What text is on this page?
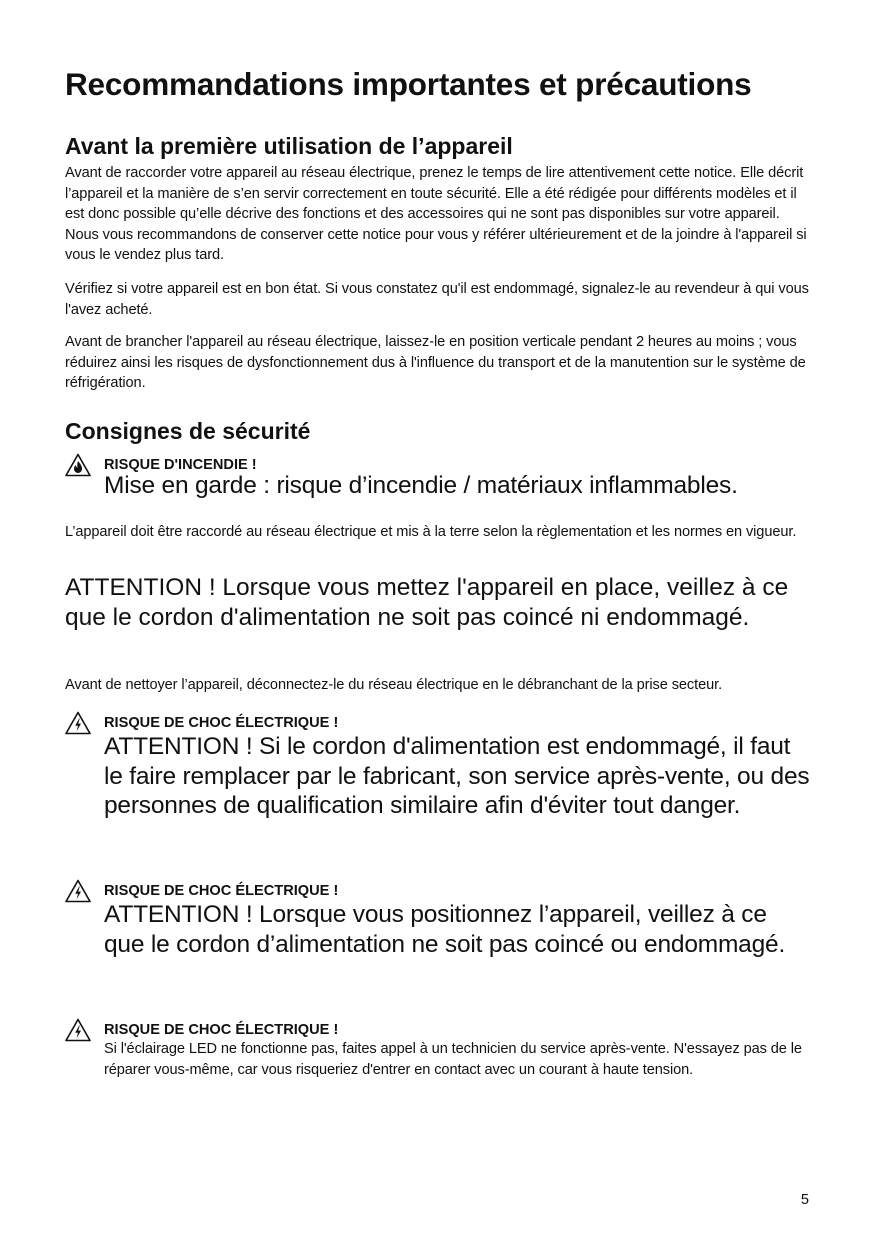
Recommandations importantes et précautions
Avant la première utilisation de l’appareil

Avant de raccorder votre appareil au réseau électrique, prenez le temps de lire attentivement cette notice. Elle décrit l’appareil et la manière de s’en servir correctement en toute sécurité. Elle a été rédigée pour différents modèles et il est donc possible qu’elle décrive des fonctions et des accessoires qui ne sont pas disponibles sur votre appareil. Nous vous recommandons de conserver cette notice pour vous y référer ultérieurement et de la joindre à l'appareil si vous le vendez plus tard.

Vérifiez si votre appareil est en bon état. Si vous constatez qu'il est endommagé, signalez-le au revendeur à qui vous l'avez acheté.

Avant de brancher l'appareil au réseau électrique, laissez-le en position verticale pendant 2 heures au moins ; vous réduirez ainsi les risques de dysfonctionnement dus à l'influence du transport et de la manutention sur le système de réfrigération.

Consignes de sécurité
RISQUE D'INCENDIE !
Mise en garde : risque d’incendie / matériaux inflammables.

L’appareil doit être raccordé au réseau électrique et mis à la terre selon la règlementation et les normes en vigueur.

ATTENTION ! Lorsque vous mettez l'appareil en place, veillez à ce que le cordon d'alimentation ne soit pas coincé ni endommagé.

Avant de nettoyer l’appareil, déconnectez-le du réseau électrique en le débranchant de la prise secteur.

RISQUE DE CHOC ÉLECTRIQUE !
ATTENTION ! Si le cordon d'alimentation est endommagé, il faut le faire remplacer par le fabricant, son service après-vente, ou des personnes de qualification similaire afin d'éviter tout danger.
RISQUE DE CHOC ÉLECTRIQUE !
ATTENTION ! Lorsque vous positionnez l’appareil, veillez à ce que le cordon d’alimentation ne soit pas coincé ou endommagé.
RISQUE DE CHOC ÉLECTRIQUE !

Si l'éclairage LED ne fonctionne pas, faites appel à un technicien du service après-vente. N'essayez pas de le réparer vous-même, car vous risqueriez d'entrer en contact avec un courant à haute tension.

5
